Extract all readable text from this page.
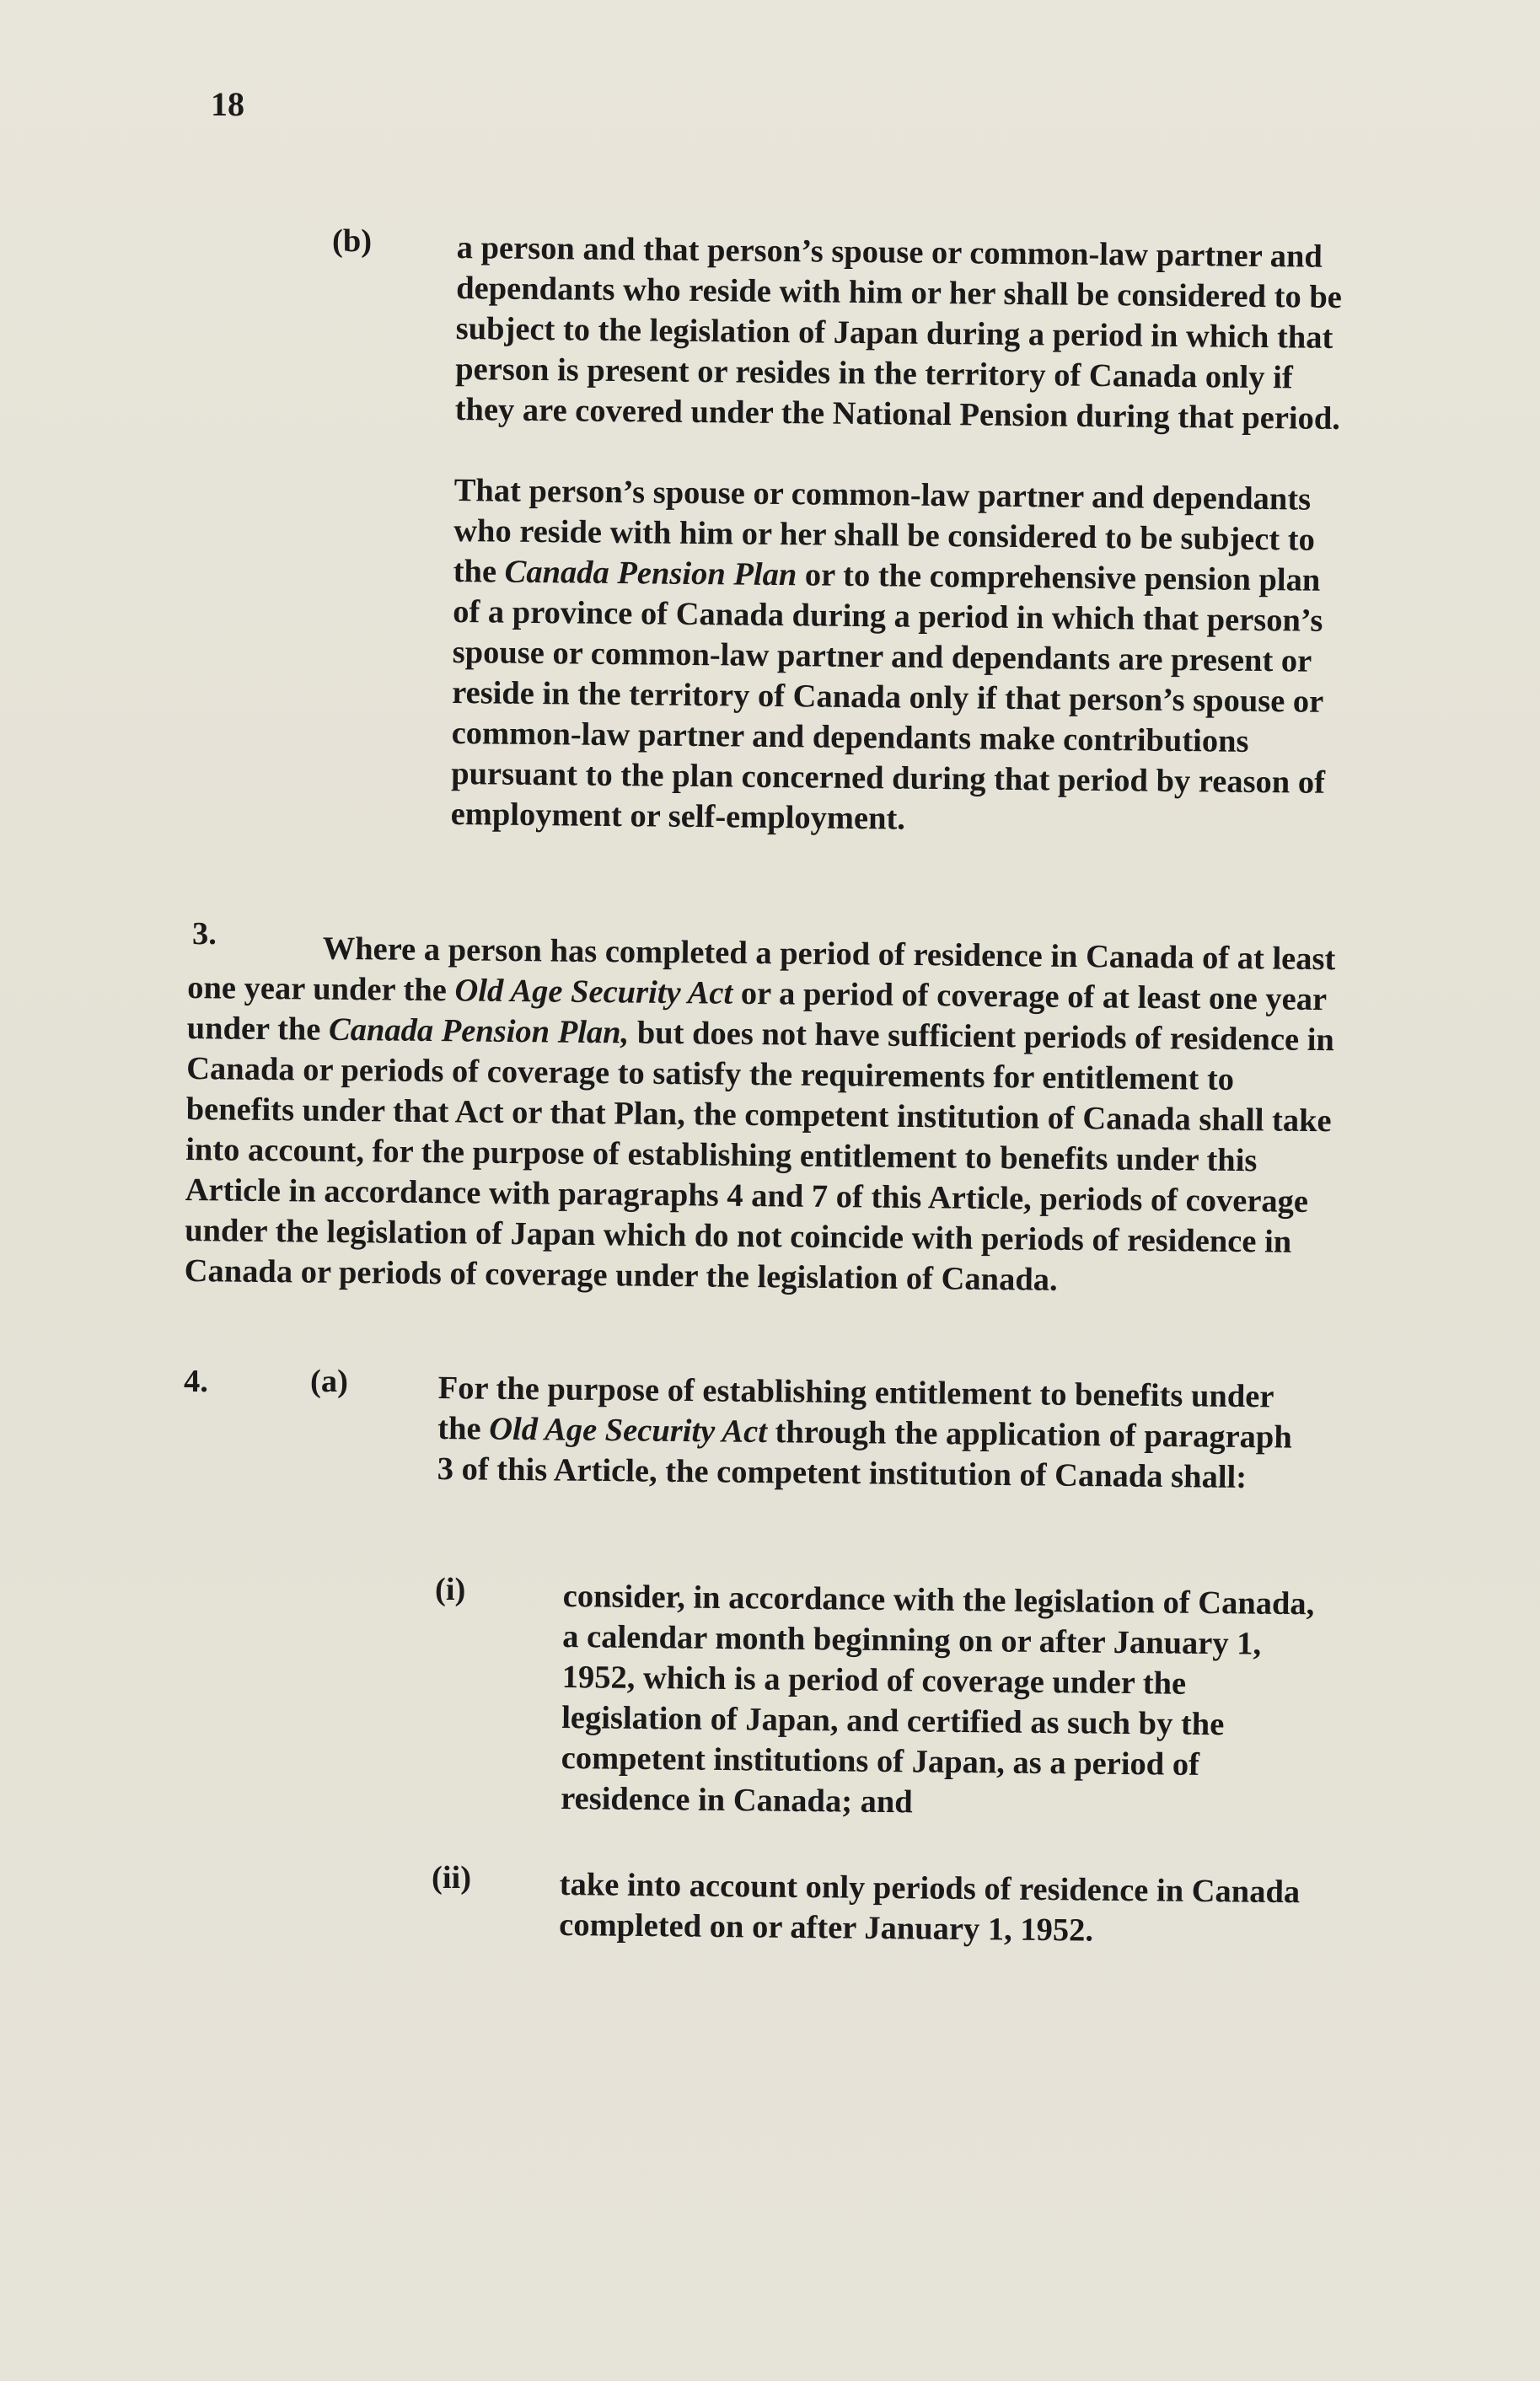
18
(b)	a person and that person’s spouse or common-law partner and dependants who reside with him or her shall be considered to be subject to the legislation of Japan during a period in which that person is present or resides in the territory of Canada only if they are covered under the National Pension during that period.

That person’s spouse or common-law partner and dependants who reside with him or her shall be considered to be subject to the Canada Pension Plan or to the comprehensive pension plan of a province of Canada during a period in which that person’s spouse or common-law partner and dependants are present or reside in the territory of Canada only if that person’s spouse or common-law partner and dependants make contributions pursuant to the plan concerned during that period by reason of employment or self-employment.

3.	Where a person has completed a period of residence in Canada of at least one year under the Old Age Security Act or a period of coverage of at least one year under the Canada Pension Plan, but does not have sufficient periods of residence in Canada or periods of coverage to satisfy the requirements for entitlement to benefits under that Act or that Plan, the competent institution of Canada shall take into account, for the purpose of establishing entitlement to benefits under this Article in accordance with paragraphs 4 and 7 of this Article, periods of coverage under the legislation of Japan which do not coincide with periods of residence in Canada or periods of coverage under the legislation of Canada.

4.	(a)	For the purpose of establishing entitlement to benefits under the Old Age Security Act through the application of paragraph 3 of this Article, the competent institution of Canada shall:

(i)	consider, in accordance with the legislation of Canada, a calendar month beginning on or after January 1, 1952, which is a period of coverage under the legislation of Japan, and certified as such by the competent institutions of Japan, as a period of residence in Canada; and

(ii)	take into account only periods of residence in Canada completed on or after January 1, 1952.
